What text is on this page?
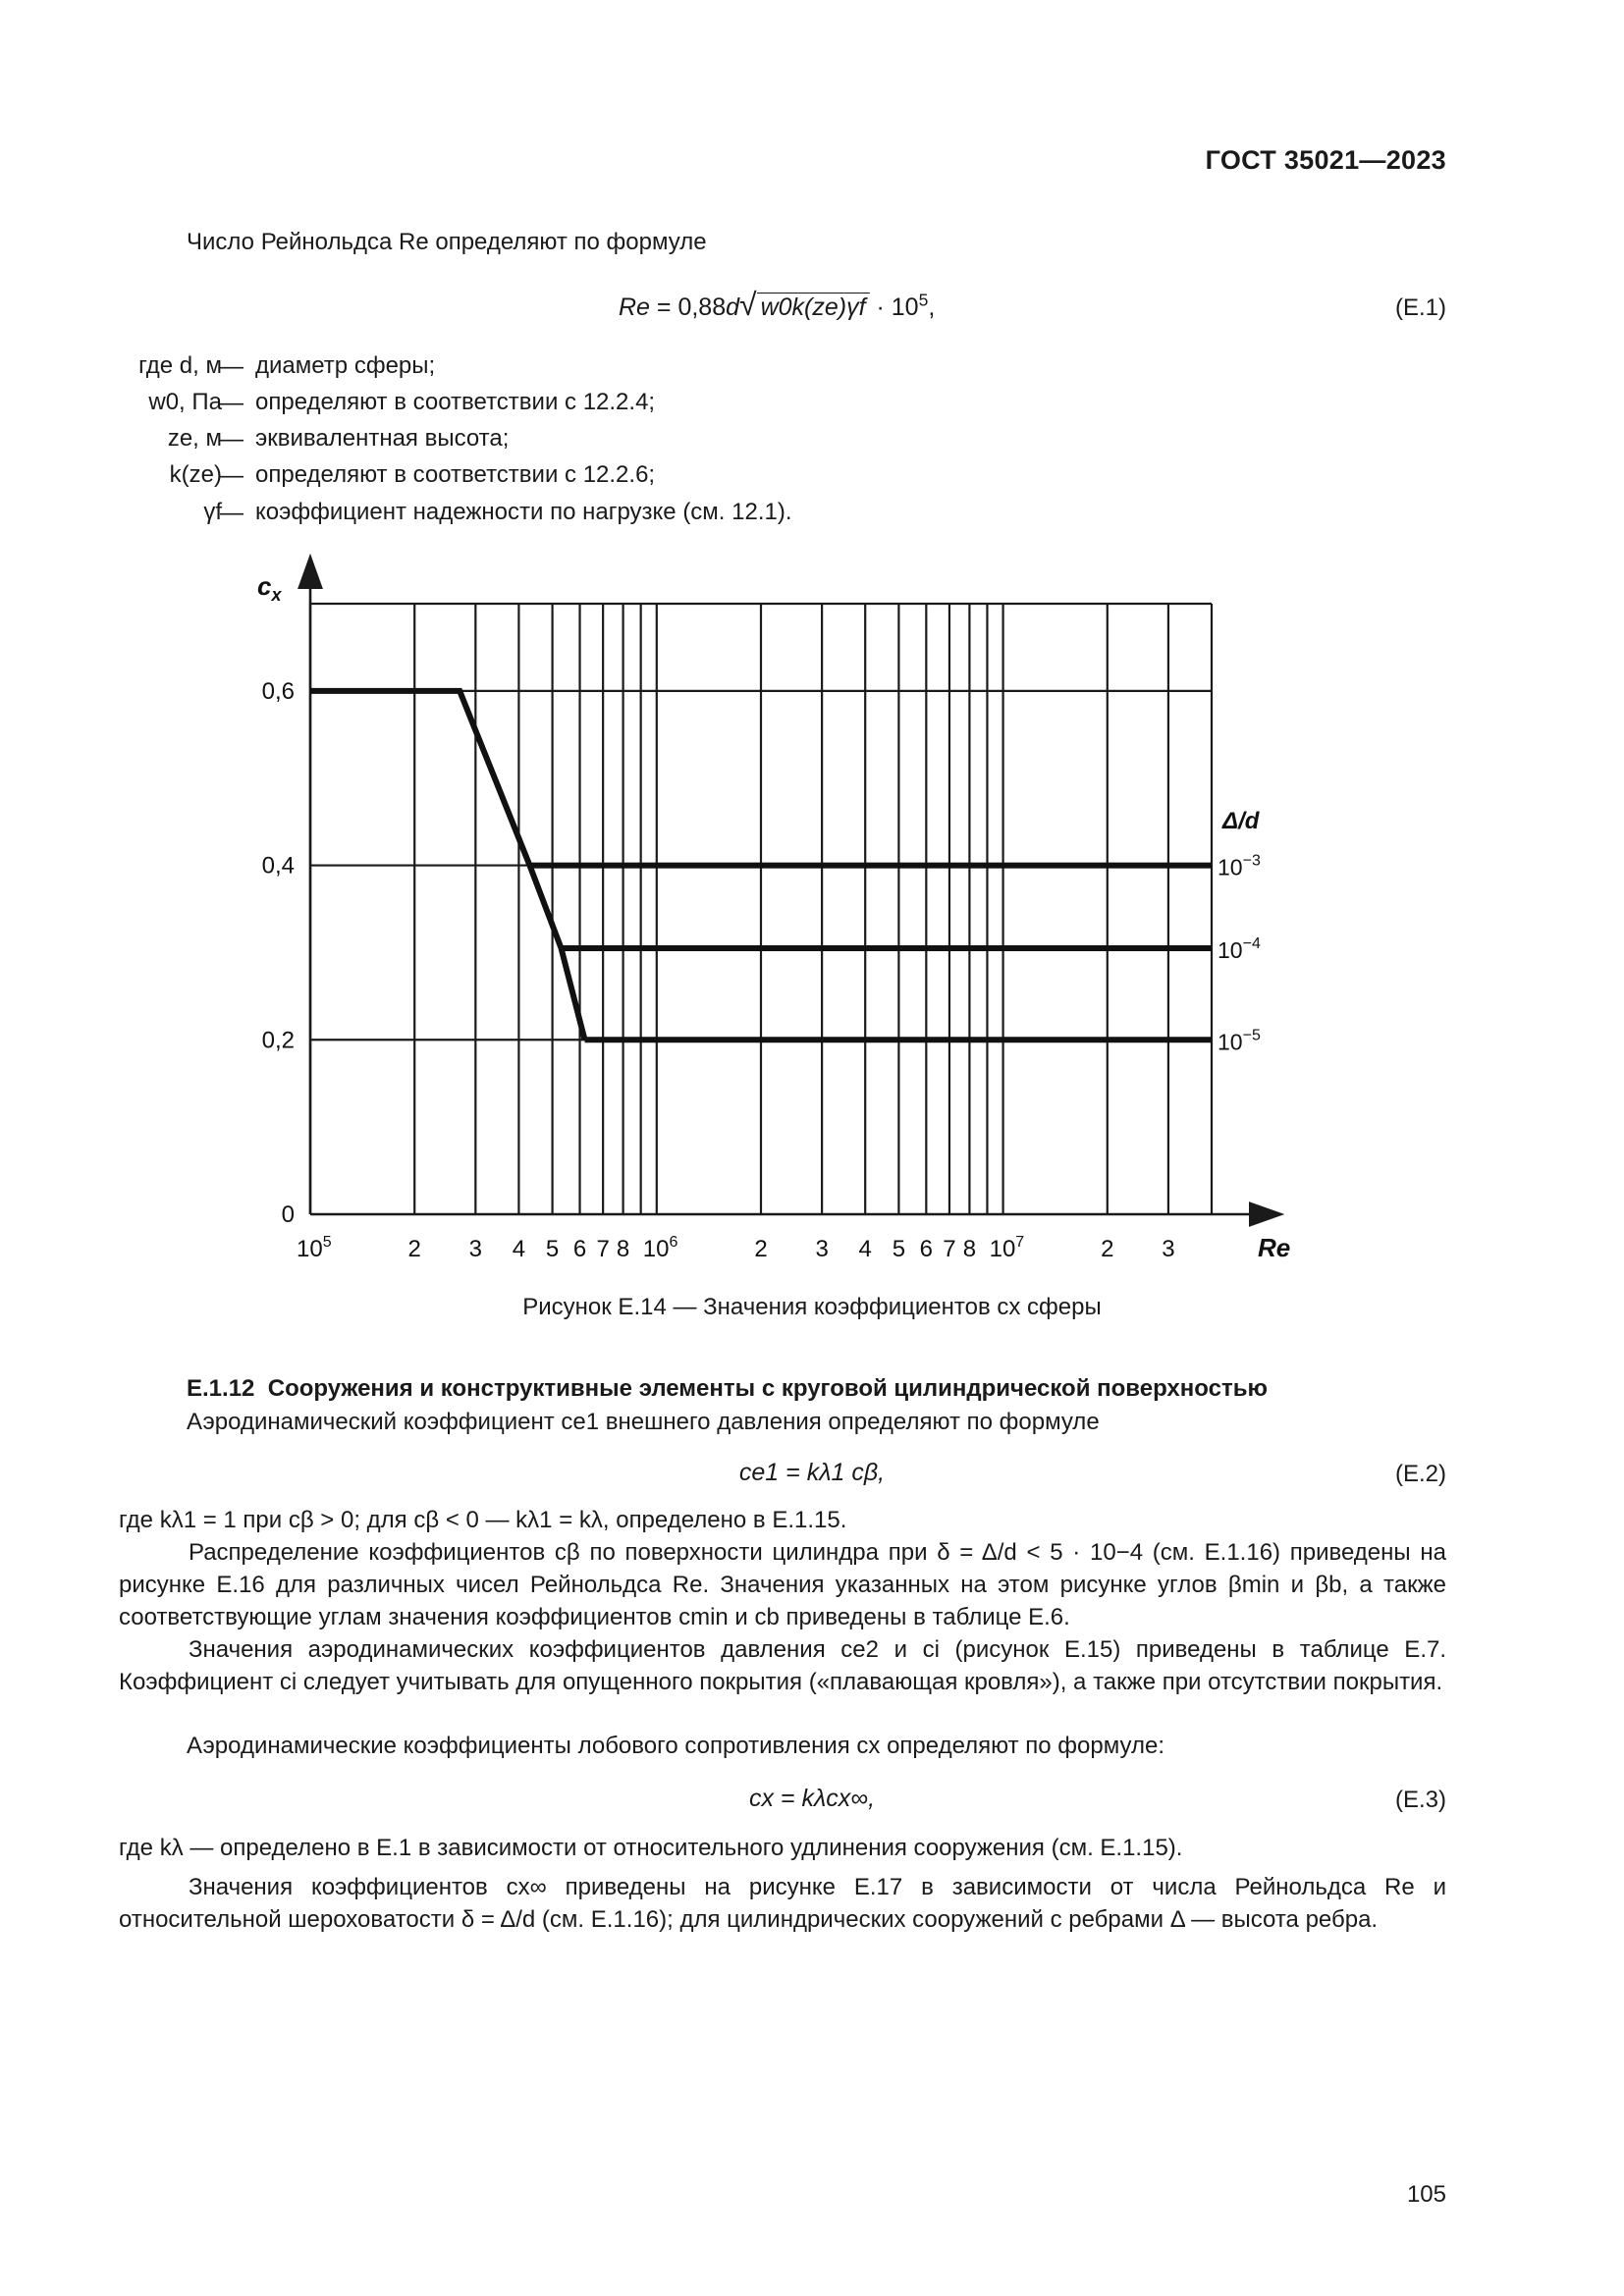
ГОСТ 35021—2023
Число Рейнольдса Re определяют по формуле
Re = 0,88d√ $w0k(ze)\gamma f \cdot 10^5$,	(E.1)
где d, м
— диаметр сферы;
w0, Па
— определяют в соответствии с 12.2.4;
ze, м
— эквивалентная высота;
k(ze)
— определяют в соответствии с 12.2.6;
γf
— коэффициент надежности по нагрузке (см. 12.1).
$10^{-3}$
$10^{-4}$
$10^{-5}$
0
0,2
0,4
0,6
$10^5$	2 3 4 5 6 7 8 $10^6$	2 3 4 5 6 7 8 $10^7$	2 3
$c_x$
Re
Δ/d
Рисунок E.14 — Значения коэффициентов cx сферы
E.1.12 Сооружения и конструктивные элементы с круговой цилиндрической поверхностью
Аэродинамический коэффициент ce1 внешнего давления определяют по формуле
ce1 = kλ1 cβ,	(E.2)
где kλ1 = 1 при cβ > 0; для cβ < 0 — kλ1 = kλ, определено в E.1.15.
Распределение коэффициентов cβ по поверхности цилиндра при δ = Δ/d < 5 · 10−4 (см. E.1.16) приведены на рисунке E.16 для различных чисел Рейнольдса Re. Значения указанных на этом рисунке углов βmin и βb, а также соответствующие углам значения коэффициентов cmin и cb приведены в таблице E.6.
Значения аэродинамических коэффициентов давления ce2 и ci (рисунок E.15) приведены в таблице E.7. Коэффициент ci следует учитывать для опущенного покрытия («плавающая кровля»), а также при отсутствии покрытия.
Аэродинамические коэффициенты лобового сопротивления cx определяют по формуле:
cx = kλcx∞,	(E.3)
где kλ — определено в E.1 в зависимости от относительного удлинения сооружения (см. E.1.15).
Значения коэффициентов cx∞ приведены на рисунке E.17 в зависимости от числа Рейнольдса Re и относительной шероховатости δ = Δ/d (см. E.1.16); для цилиндрических сооружений с ребрами Δ — высота ребра.
105
